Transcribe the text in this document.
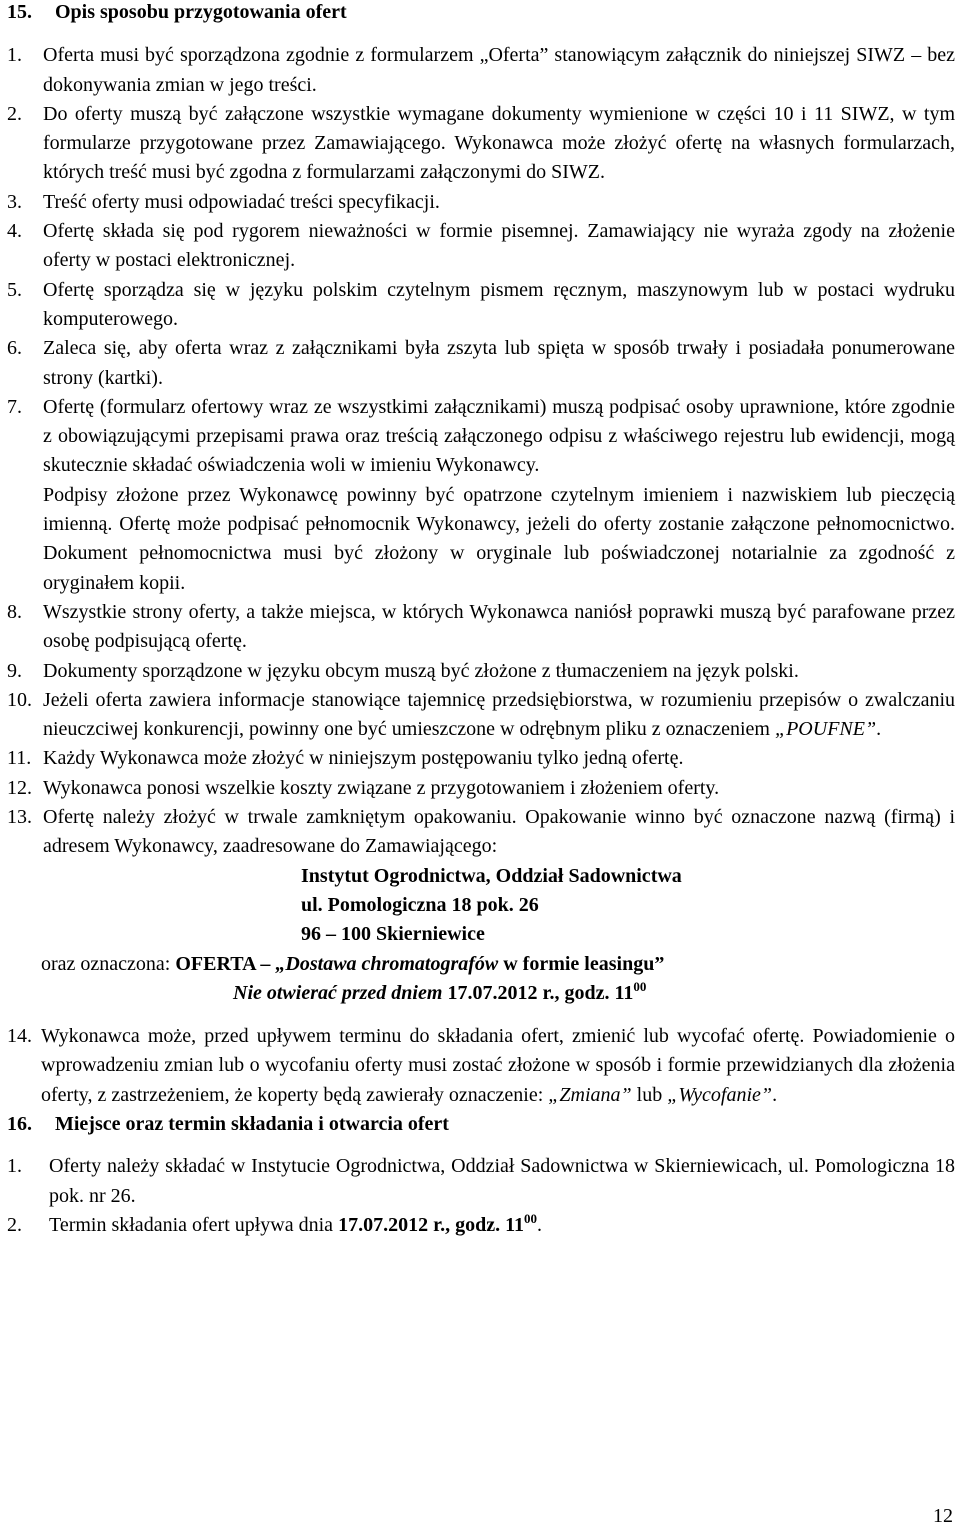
15. Opis sposobu przygotowania ofert
1.	Oferta musi być sporządzona zgodnie z formularzem „Oferta” stanowiącym załącznik do niniejszej SIWZ – bez dokonywania zmian w jego treści.
2.	Do oferty muszą być załączone wszystkie wymagane dokumenty wymienione w części 10 i 11 SIWZ, w tym formularze przygotowane przez Zamawiającego. Wykonawca może złożyć ofertę na własnych formularzach, których treść musi być zgodna z formularzami załączonymi do SIWZ.
3.	Treść oferty musi odpowiadać treści specyfikacji.
4.	Ofertę składa się pod rygorem nieważności w formie pisemnej. Zamawiający nie wyraża zgody na złożenie oferty w postaci elektronicznej.
5.	Ofertę sporządza się w języku polskim czytelnym pismem ręcznym, maszynowym lub w postaci wydruku komputerowego.
6.	Zaleca się, aby oferta wraz z załącznikami była zszyta lub spięta w sposób trwały i posiadała ponumerowane strony (kartki).
7.	Ofertę (formularz ofertowy wraz ze wszystkimi załącznikami) muszą podpisać osoby uprawnione, które zgodnie z obowiązującymi przepisami prawa oraz treścią załączonego odpisu z właściwego rejestru lub ewidencji, mogą skutecznie składać oświadczenia woli w imieniu Wykonawcy.

Podpisy złożone przez Wykonawcę powinny być opatrzone czytelnym imieniem i nazwiskiem lub pieczęcią imienną. Ofertę może podpisać pełnomocnik Wykonawcy, jeżeli do oferty zostanie załączone pełnomocnictwo. Dokument pełnomocnictwa musi być złożony w oryginale lub poświadczonej notarialnie za zgodność z oryginałem kopii.

8.	Wszystkie strony oferty, a także miejsca, w których Wykonawca naniósł poprawki muszą być parafowane przez osobę podpisującą ofertę.
9.	Dokumenty sporządzone w języku obcym muszą być złożone z tłumaczeniem na język polski.
10. Jeżeli oferta zawiera informacje stanowiące tajemnicę przedsiębiorstwa, w rozumieniu przepisów o zwalczaniu nieuczciwej konkurencji, powinny one być umieszczone w odrębnym pliku z oznaczeniem „POUFNE”.
11. Każdy Wykonawca może złożyć w niniejszym postępowaniu tylko jedną ofertę.
12. Wykonawca ponosi wszelkie koszty związane z przygotowaniem i złożeniem oferty.
13. Ofertę należy złożyć w trwale zamkniętym opakowaniu. Opakowanie winno być oznaczone nazwą (firmą) i adresem Wykonawcy, zaadresowane do Zamawiającego:
Instytut Ogrodnictwa, Oddział Sadownictwa
ul. Pomologiczna 18 pok. 26
96 – 100 Skierniewice
oraz oznaczona: OFERTA – „Dostawa chromatografów w formie leasingu”
Nie otwierać przed dniem 17.07.2012 r., godz. $11^{00}$
14. Wykonawca może, przed upływem terminu do składania ofert, zmienić lub wycofać ofertę. Powiadomienie o wprowadzeniu zmian lub o wycofaniu oferty musi zostać złożone w sposób i formie przewidzianych dla złożenia oferty, z zastrzeżeniem, że koperty będą zawierały oznaczenie: „Zmiana” lub „Wycofanie”.
16. Miejsce oraz termin składania i otwarcia ofert
1.	Oferty należy składać w Instytucie Ogrodnictwa, Oddział Sadownictwa w Skierniewicach, ul. Pomologiczna 18 pok. nr 26.
2.	Termin składania ofert upływa dnia 17.07.2012 r., godz. $11^{00}$.
12
